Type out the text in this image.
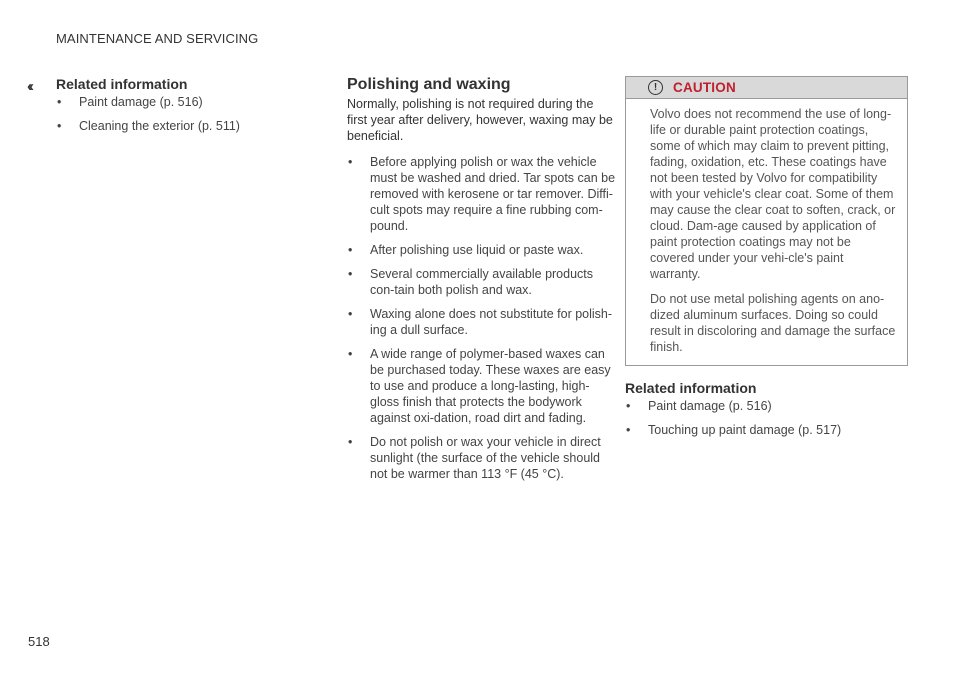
MAINTENANCE AND SERVICING
‹‹ Related information
• Paint damage (p. 516)
• Cleaning the exterior (p. 511)
Polishing and waxing

Normally, polishing is not required during the first year after delivery, however, waxing may be beneficial.

• Before applying polish or wax the vehicle must be washed and dried. Tar spots can be removed with kerosene or tar remover. Diffi-cult spots may require a fine rubbing com-pound.
• After polishing use liquid or paste wax.
• Several commercially available products con-tain both polish and wax.
• Waxing alone does not substitute for polish-ing a dull surface.
• A wide range of polymer-based waxes can be purchased today. These waxes are easy to use and produce a long-lasting, high-gloss finish that protects the bodywork against oxi-dation, road dirt and fading.
• Do not polish or wax your vehicle in direct sunlight (the surface of the vehicle should not be warmer than 113 °F (45 °C).
!	CAUTION

Volvo does not recommend the use of long-life or durable paint protection coatings, some of which may claim to prevent pitting, fading, oxidation, etc. These coatings have not been tested by Volvo for compatibility with your vehicle's clear coat. Some of them may cause the clear coat to soften, crack, or cloud. Dam-age caused by application of paint protection coatings may not be covered under your vehi-cle's paint warranty.

Do not use metal polishing agents on ano-dized aluminum surfaces. Doing so could result in discoloring and damage the surface finish.

Related information
• Paint damage (p. 516)
• Touching up paint damage (p. 517)
518
